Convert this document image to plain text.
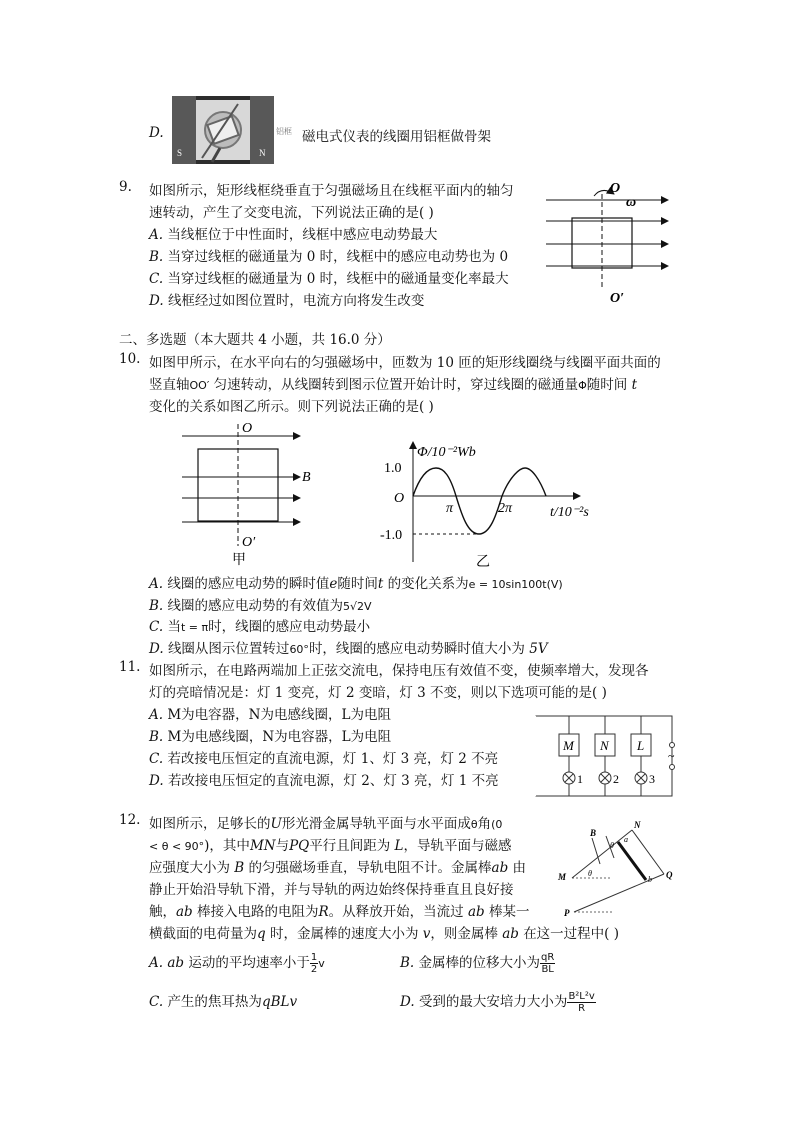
D.
S	N
铝框 磁电式仪表的线圈用铝框做骨架
9. 如图所示，矩形线框绕垂直于匀强磁场且在线框平面内的轴匀
速转动，产生了交变电流，下列说法正确的是( )
A. 当线框位于中性面时，线框中感应电动势最大
B. 当穿过线框的磁通量为 0 时，线框中的感应电动势也为 0
C. 当穿过线框的磁通量为 0 时，线框中的磁通量变化率最大
D. 线框经过如图位置时，电流方向将发生改变
O
ω
O′
二、多选题（本大题共 4 小题，共 16.0 分）
10. 如图甲所示，在水平向右的匀强磁场中，匝数为 10 匝的矩形线圈绕与线圈平面共面的
竖直轴OO′ 匀速转动，从线圈转到图示位置开始计时，穿过线圈的磁通量Φ随时间 t
变化的关系如图乙所示。则下列说法正确的是( )
O
B
O′
甲
Φ/10⁻²Wb
1.0
O
π	2π	t/10⁻²s
-1.0
乙
A. 线圈的感应电动势的瞬时值e随时间t 的变化关系为e = 10sin100t(V)
B. 线圈的感应电动势的有效值为5√2V
C. 当t = π时，线圈的感应电动势最小
D. 线圈从图示位置转过60°时，线圈的感应电动势瞬时值大小为 5V
11. 如图所示，在电路两端加上正弦交流电，保持电压有效值不变，使频率增大，发现各
灯的亮暗情况是：灯 1 变亮，灯 2 变暗，灯 3 不变，则以下选项可能的是( )
A. M为电容器，N为电感线圈，L为电阻
B. M为电感线圈，N为电容器，L为电阻
C. 若改接电压恒定的直流电源，灯 1、灯 3 亮，灯 2 不亮
D. 若改接电压恒定的直流电源，灯 2、灯 3 亮，灯 1 不亮
~
M N L
1	2	3
12. 如图所示，足够长的U形光滑金属导轨平面与水平面成θ角(0
< θ < 90°)，其中MN与PQ平行且间距为 L，导轨平面与磁感
应强度大小为 B 的匀强磁场垂直，导轨电阻不计。金属棒ab 由
静止开始沿导轨下滑，并与导轨的两边始终保持垂直且良好接
触，ab 棒接入电路的电阻为R。从释放开始，当流过 ab 棒某一
横截面的电荷量为q 时，金属棒的速度大小为 v，则金属棒 ab 在这一过程中( )
B
N
a
θ
θ
M	b Q
P
A. ab 运动的平均速率小于 $\frac{1}{2}$ v	B. 金属棒的位移大小为 $\frac{qR}{BL}$
C. 产生的焦耳热为qBLv	D. 受到的最大安培力大小为 $\frac{\text{B²L²v}}{R}$
